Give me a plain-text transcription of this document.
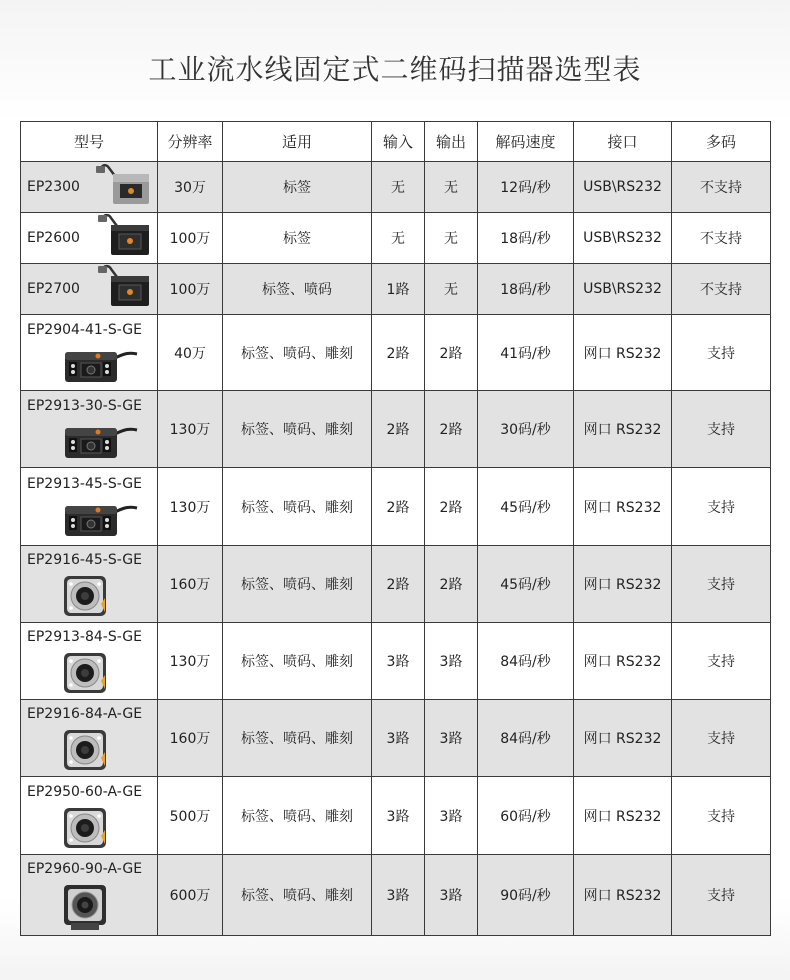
工业流水线固定式二维码扫描器选型表
型号	分辨率	适用	输入	输出	解码速度	接口	多码

EP2300	30万	标签	无	无	12码/秒	USB\RS232	不支持

EP2600	100万	标签	无	无	18码/秒	USB\RS232	不支持

EP2700	100万	标签、喷码	1路	无	18码/秒	USB\RS232	不支持

EP2904-41-S-GE	40万	标签、喷码、雕刻	2路	2路	41码/秒	网口 RS232	支持

EP2913-30-S-GE	130万	标签、喷码、雕刻	2路	2路	30码/秒	网口 RS232	支持

EP2913-45-S-GE	130万	标签、喷码、雕刻	2路	2路	45码/秒	网口 RS232	支持

EP2916-45-S-GE	160万	标签、喷码、雕刻	2路	2路	45码/秒	网口 RS232	支持

EP2913-84-S-GE	130万	标签、喷码、雕刻	3路	3路	84码/秒	网口 RS232	支持

EP2916-84-A-GE	160万	标签、喷码、雕刻	3路	3路	84码/秒	网口 RS232	支持

EP2950-60-A-GE	500万	标签、喷码、雕刻	3路	3路	60码/秒	网口 RS232	支持

EP2960-90-A-GE	600万	标签、喷码、雕刻	3路	3路	90码/秒	网口 RS232	支持
